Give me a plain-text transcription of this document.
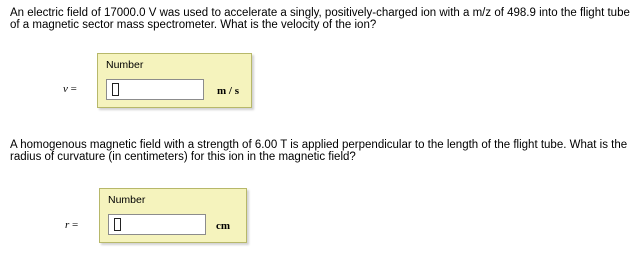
An electric field of 17000.0 V was used to accelerate a singly, positively-charged ion with a m/z of 498.9 into the flight tube of a magnetic sector mass spectrometer. What is the velocity of the ion?
v =
Number
m / s
A homogenous magnetic field with a strength of 6.00 T is applied perpendicular to the length of the flight tube. What is the radius of curvature (in centimeters) for this ion in the magnetic field?
r =
Number
cm
